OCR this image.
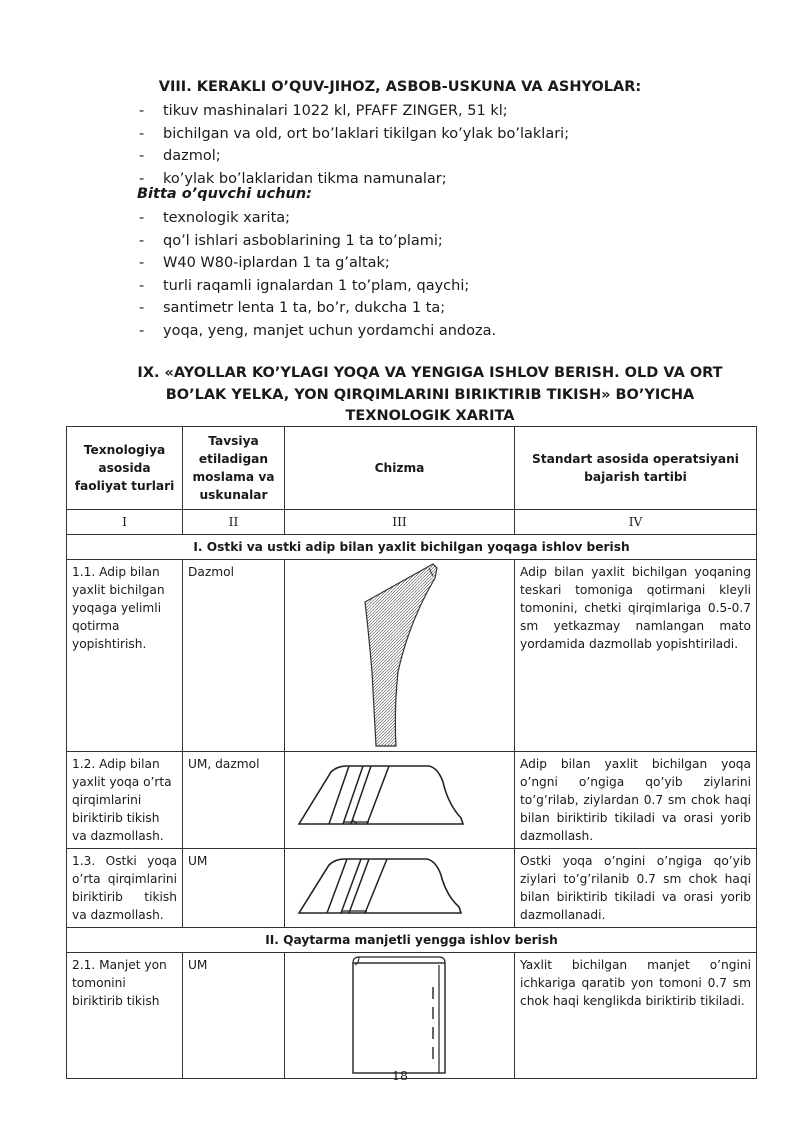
VIII. KERAKLI O’QUV-JIHOZ, ASBOB-USKUNA VA ASHYOLAR:
- tikuv mashinalari 1022 kl, PFAFF ZINGER, 51 kl;
- bichilgan va old, ort bo’laklari tikilgan ko’ylak bo’laklari;
- dazmol;
- ko’ylak bo’laklaridan tikma namunalar;
Bitta o’quvchi uchun:
- texnologik xarita;
- qo’l ishlari asboblarining 1 ta to’plami;
- W40 W80-iplardan 1 ta g’altak;
- turli raqamli ignalardan 1 to’plam, qaychi;
- santimetr lenta 1 ta, bo’r, dukcha 1 ta;
- yoqa, yeng, manjet uchun yordamchi andoza.
IX. «AYOLLAR KO’YLAGI YOQA VA YENGIGA ISHLOV BERISH. OLD VA ORT
BO’LAK YELKA, YON QIRQIMLARINI BIRIKTIRIB TIKISH» BO’YICHA
TEXNOLOGIK XARITA
Texnologiya asosida faoliyat turlari	Tavsiya etiladigan moslama va uskunalar	Chizma	Standart asosida operatsiyani bajarish tartibi
I	II	III	IV
I. Ostki va ustki adip bilan yaxlit bichilgan yoqaga ishlov berish			
1.1. Adip bilan yaxlit bichilgan yoqaga yelimli qotirma yopishtirish.	Dazmol		Adip bilan yaxlit bichilgan yoqaning teskari tomoniga qotirmani kleyli tomonini, chetki qirqimlariga 0.5-0.7 sm yetkazmay namlangan mato yordamida dazmollab yopishtiriladi.
1.2. Adip bilan yaxlit yoqa o’rta qirqimlarini biriktirib tikish va dazmollash.	UM, dazmol		Adip bilan yaxlit bichilgan yoqa o’ngni o’ngiga qo’yib ziylarini to’g’rilab, ziylardan 0.7 sm chok haqi bilan biriktirib tikiladi va orasi yorib dazmollash.
1.3. Ostki yoqa o’rta qirqimlarini biriktirib tikish va dazmollash.	UM		Ostki yoqa o’ngini o’ngiga qo’yib ziylari to’g’rilanib 0.7 sm chok haqi bilan biriktirib tikiladi va orasi yorib dazmollanadi.
II. Qaytarma manjetli yengga ishlov berish			
2.1. Manjet yon tomonini biriktirib tikish	UM		Yaxlit bichilgan manjet o’ngini ichkariga qaratib yon tomoni 0.7 sm chok haqi kenglikda biriktirib tikiladi.
18
